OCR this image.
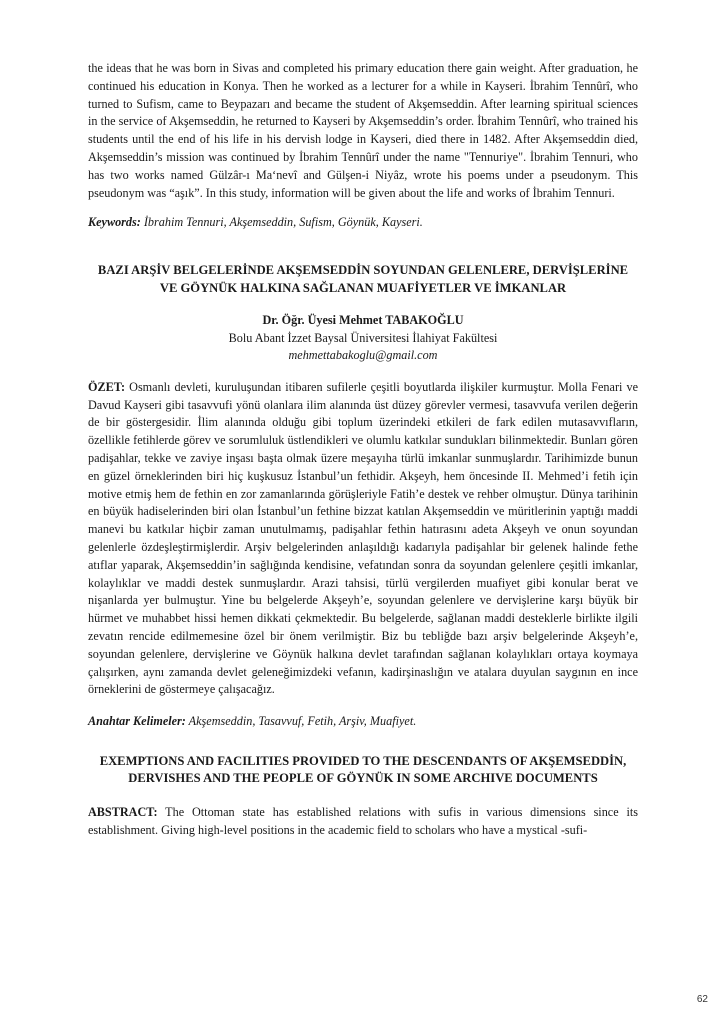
the ideas that he was born in Sivas and completed his primary education there gain weight. After graduation, he continued his education in Konya. Then he worked as a lecturer for a while in Kayseri. İbrahim Tennûrî, who turned to Sufism, came to Beypazarı and became the student of Akşemseddin. After learning spiritual sciences in the service of Akşemseddin, he returned to Kayseri by Akşemseddin’s order. İbrahim Tennûrî, who trained his students until the end of his life in his dervish lodge in Kayseri, died there in 1482. After Akşemseddin died, Akşemseddin’s mission was continued by İbrahim Tennûrî under the name "Tennuriye". İbrahim Tennuri, who has two works named Gülzâr-ı Ma‘nevî and Gülşen-i Niyâz, wrote his poems under a pseudonym. This pseudonym was “aşık”. In this study, information will be given about the life and works of İbrahim Tennuri.

Keywords: İbrahim Tennuri, Akşemseddin, Sufism, Göynük, Kayseri.

BAZI ARŞİV BELGELERİNDE AKŞEMSEDDİN SOYUNDAN GELENLERE, DERVİŞLERİNE VE GÖYNÜK HALKINA SAĞLANAN MUAFİYETLER VE İMKANLAR

Dr. Öğr. Üyesi Mehmet TABAKOĞLU
Bolu Abant İzzet Baysal Üniversitesi İlahiyat Fakültesi
mehmettabakoglu@gmail.com

ÖZET: Osmanlı devleti, kuruluşundan itibaren sufilerle çeşitli boyutlarda ilişkiler kurmuştur. Molla Fenari ve Davud Kayseri gibi tasavvufi yönü olanlara ilim alanında üst düzey görevler vermesi, tasavvufa verilen değerin de bir göstergesidir. İlim alanında olduğu gibi toplum üzerindeki etkileri de fark edilen mutasavvıfların, özellikle fetihlerde görev ve sorumluluk üstlendikleri ve olumlu katkılar sundukları bilinmektedir. Bunları gören padişahlar, tekke ve zaviye inşası başta olmak üzere meşayıha türlü imkanlar sunmuşlardır. Tarihimizde bunun en güzel örneklerinden biri hiç kuşkusuz İstanbul’un fethidir. Akşeyh, hem öncesinde II. Mehmed’i fetih için motive etmiş hem de fethin en zor zamanlarında görüşleriyle Fatih’e destek ve rehber olmuştur. Dünya tarihinin en büyük hadiselerinden biri olan İstanbul’un fethine bizzat katılan Akşemseddin ve müritlerinin yaptığı maddi manevi bu katkılar hiçbir zaman unutulmamış, padişahlar fethin hatırasını adeta Akşeyh ve onun soyundan gelenlerle özdeşleştirmişlerdir. Arşiv belgelerinden anlaşıldığı kadarıyla padişahlar bir gelenek halinde fethe atıflar yaparak, Akşemseddin’in sağlığında kendisine, vefatından sonra da soyundan gelenlere çeşitli imkanlar, kolaylıklar ve maddi destek sunmuşlardır. Arazi tahsisi, türlü vergilerden muafiyet gibi konular berat ve nişanlarda yer bulmuştur. Yine bu belgelerde Akşeyh’e, soyundan gelenlere ve dervişlerine karşı büyük bir hürmet ve muhabbet hissi hemen dikkati çekmektedir. Bu belgelerde, sağlanan maddi desteklerle birlikte ilgili zevatın rencide edilmemesine özel bir önem verilmiştir. Biz bu tebliğde bazı arşiv belgelerinde Akşeyh’e, soyundan gelenlere, dervişlerine ve Göynük halkına devlet tarafından sağlanan kolaylıkları ortaya koymaya çalışırken, aynı zamanda devlet geleneğimizdeki vefanın, kadirşinaslığın ve atalara duyulan saygının en ince örneklerini de göstermeye çalışacağız.

Anahtar Kelimeler: Akşemseddin, Tasavvuf, Fetih, Arşiv, Muafiyet.

EXEMPTIONS AND FACILITIES PROVIDED TO THE DESCENDANTS OF AKŞEMSEDDİN, DERVISHES AND THE PEOPLE OF GÖYNÜK IN SOME ARCHIVE DOCUMENTS

ABSTRACT: The Ottoman state has established relations with sufis in various dimensions since its establishment. Giving high-level positions in the academic field to scholars who have a mystical -sufi-

62
